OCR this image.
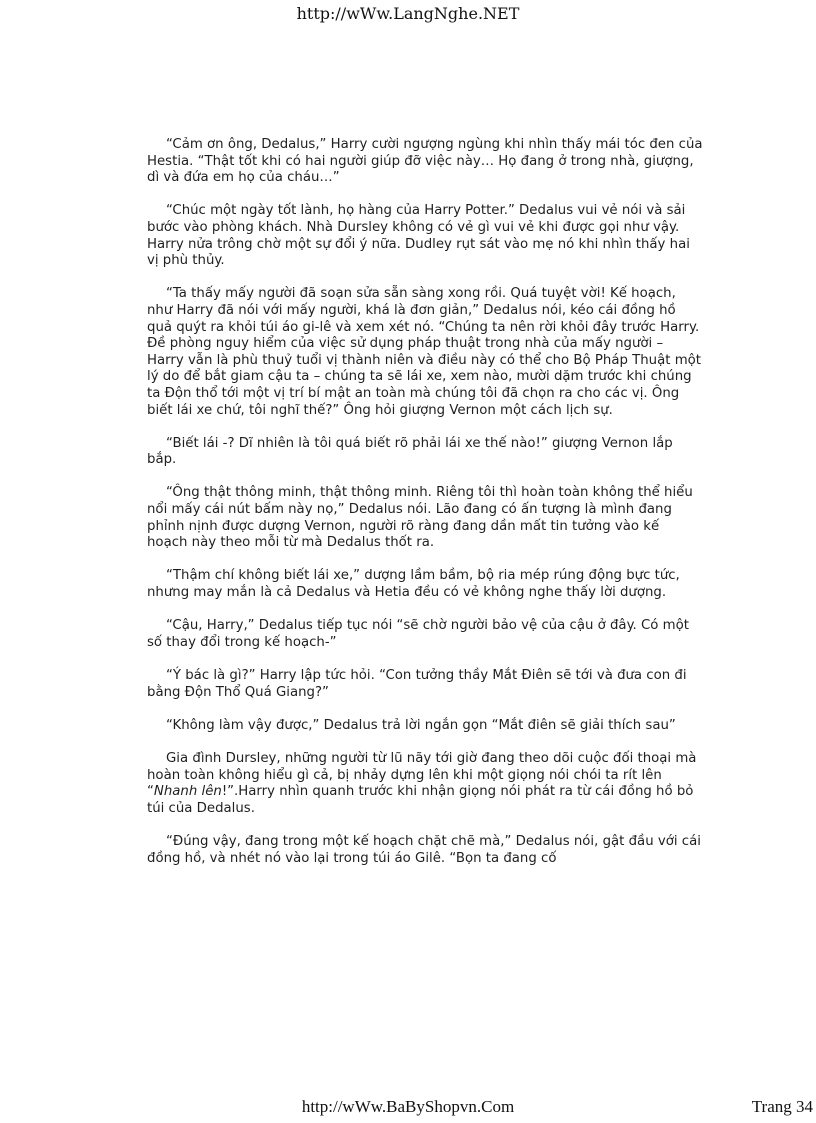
http://wWw.LangNghe.NET

“Cảm ơn ông, Dedalus,” Harry cười ngượng ngùng khi nhìn thấy mái tóc đen của Hestia. “Thật tốt khi có hai người giúp đỡ việc này… Họ đang ở trong nhà, giượng, dì và đứa em họ của cháu…”

“Chúc một ngày tốt lành, họ hàng của Harry Potter.” Dedalus vui vẻ nói và sải bước vào phòng khách. Nhà Dursley không có vẻ gì vui vẻ khi được gọi như vậy. Harry nửa trông chờ một sự đổi ý nữa. Dudley rụt sát vào mẹ nó khi nhìn thấy hai vị phù thủy.

“Ta thấy mấy người đã soạn sửa sẵn sàng xong rồi. Quá tuyệt vời! Kế hoạch, như Harry đã nói với mấy người, khá là đơn giản,” Dedalus nói, kéo cái đồng hồ quả quýt ra khỏi túi áo gi-lê và xem xét nó. “Chúng ta nên rời khỏi đây trước Harry. Đề phòng nguy hiểm của việc sử dụng pháp thuật trong nhà của mấy người – Harry vẫn là phù thuỷ tuổi vị thành niên và điều này có thể cho Bộ Pháp Thuật một lý do để bắt giam cậu ta – chúng ta sẽ lái xe, xem nào, mười dặm trước khi chúng ta Độn thổ tới một vị trí bí mật an toàn mà chúng tôi đã chọn ra cho các vị. Ông biết lái xe chứ, tôi nghĩ thế?” Ông hỏi giượng Vernon một cách lịch sự.

“Biết lái -? Dĩ nhiên là tôi quá biết rõ phải lái xe thế nào!” giượng Vernon lắp bắp.

“Ông thật thông minh, thật thông minh. Riêng tôi thì hoàn toàn không thể hiểu nổi mấy cái nút bấm này nọ,” Dedalus nói. Lão đang có ấn tượng là mình đang phỉnh nịnh được dượng Vernon, người rõ ràng đang dần mất tin tưởng vào kế hoạch này theo mỗi từ mà Dedalus thốt ra.

“Thậm chí không biết lái xe,” dượng lầm bầm, bộ ria mép rúng động bực tức, nhưng may mắn là cả Dedalus và Hetia đều có vẻ không nghe thấy lời dượng.

“Cậu, Harry,” Dedalus tiếp tục nói “sẽ chờ người bảo vệ của cậu ở đây. Có một số thay đổi trong kế hoạch-”

“Ý bác là gì?” Harry lập tức hỏi. “Con tưởng thầy Mắt Điên sẽ tới và đưa con đi bằng Độn Thổ Quá Giang?”

“Không làm vậy được,” Dedalus trả lời ngắn gọn “Mắt điên sẽ giải thích sau”

Gia đình Dursley, những người từ lũ nãy tới giờ đang theo dõi cuộc đối thoại mà hoàn toàn không hiểu gì cả, bị nhảy dựng lên khi một giọng nói chói ta rít lên “Nhanh lên!”.Harry nhìn quanh trước khi nhận giọng nói phát ra từ cái đồng hồ bỏ túi của Dedalus.

“Đúng vậy, đang trong một kế hoạch chặt chẽ mà,” Dedalus nói, gật đầu với cái đồng hồ, và nhét nó vào lại trong túi áo Gilê. “Bọn ta đang cố

http://wWw.BaByShopvn.Com	Trang 34
